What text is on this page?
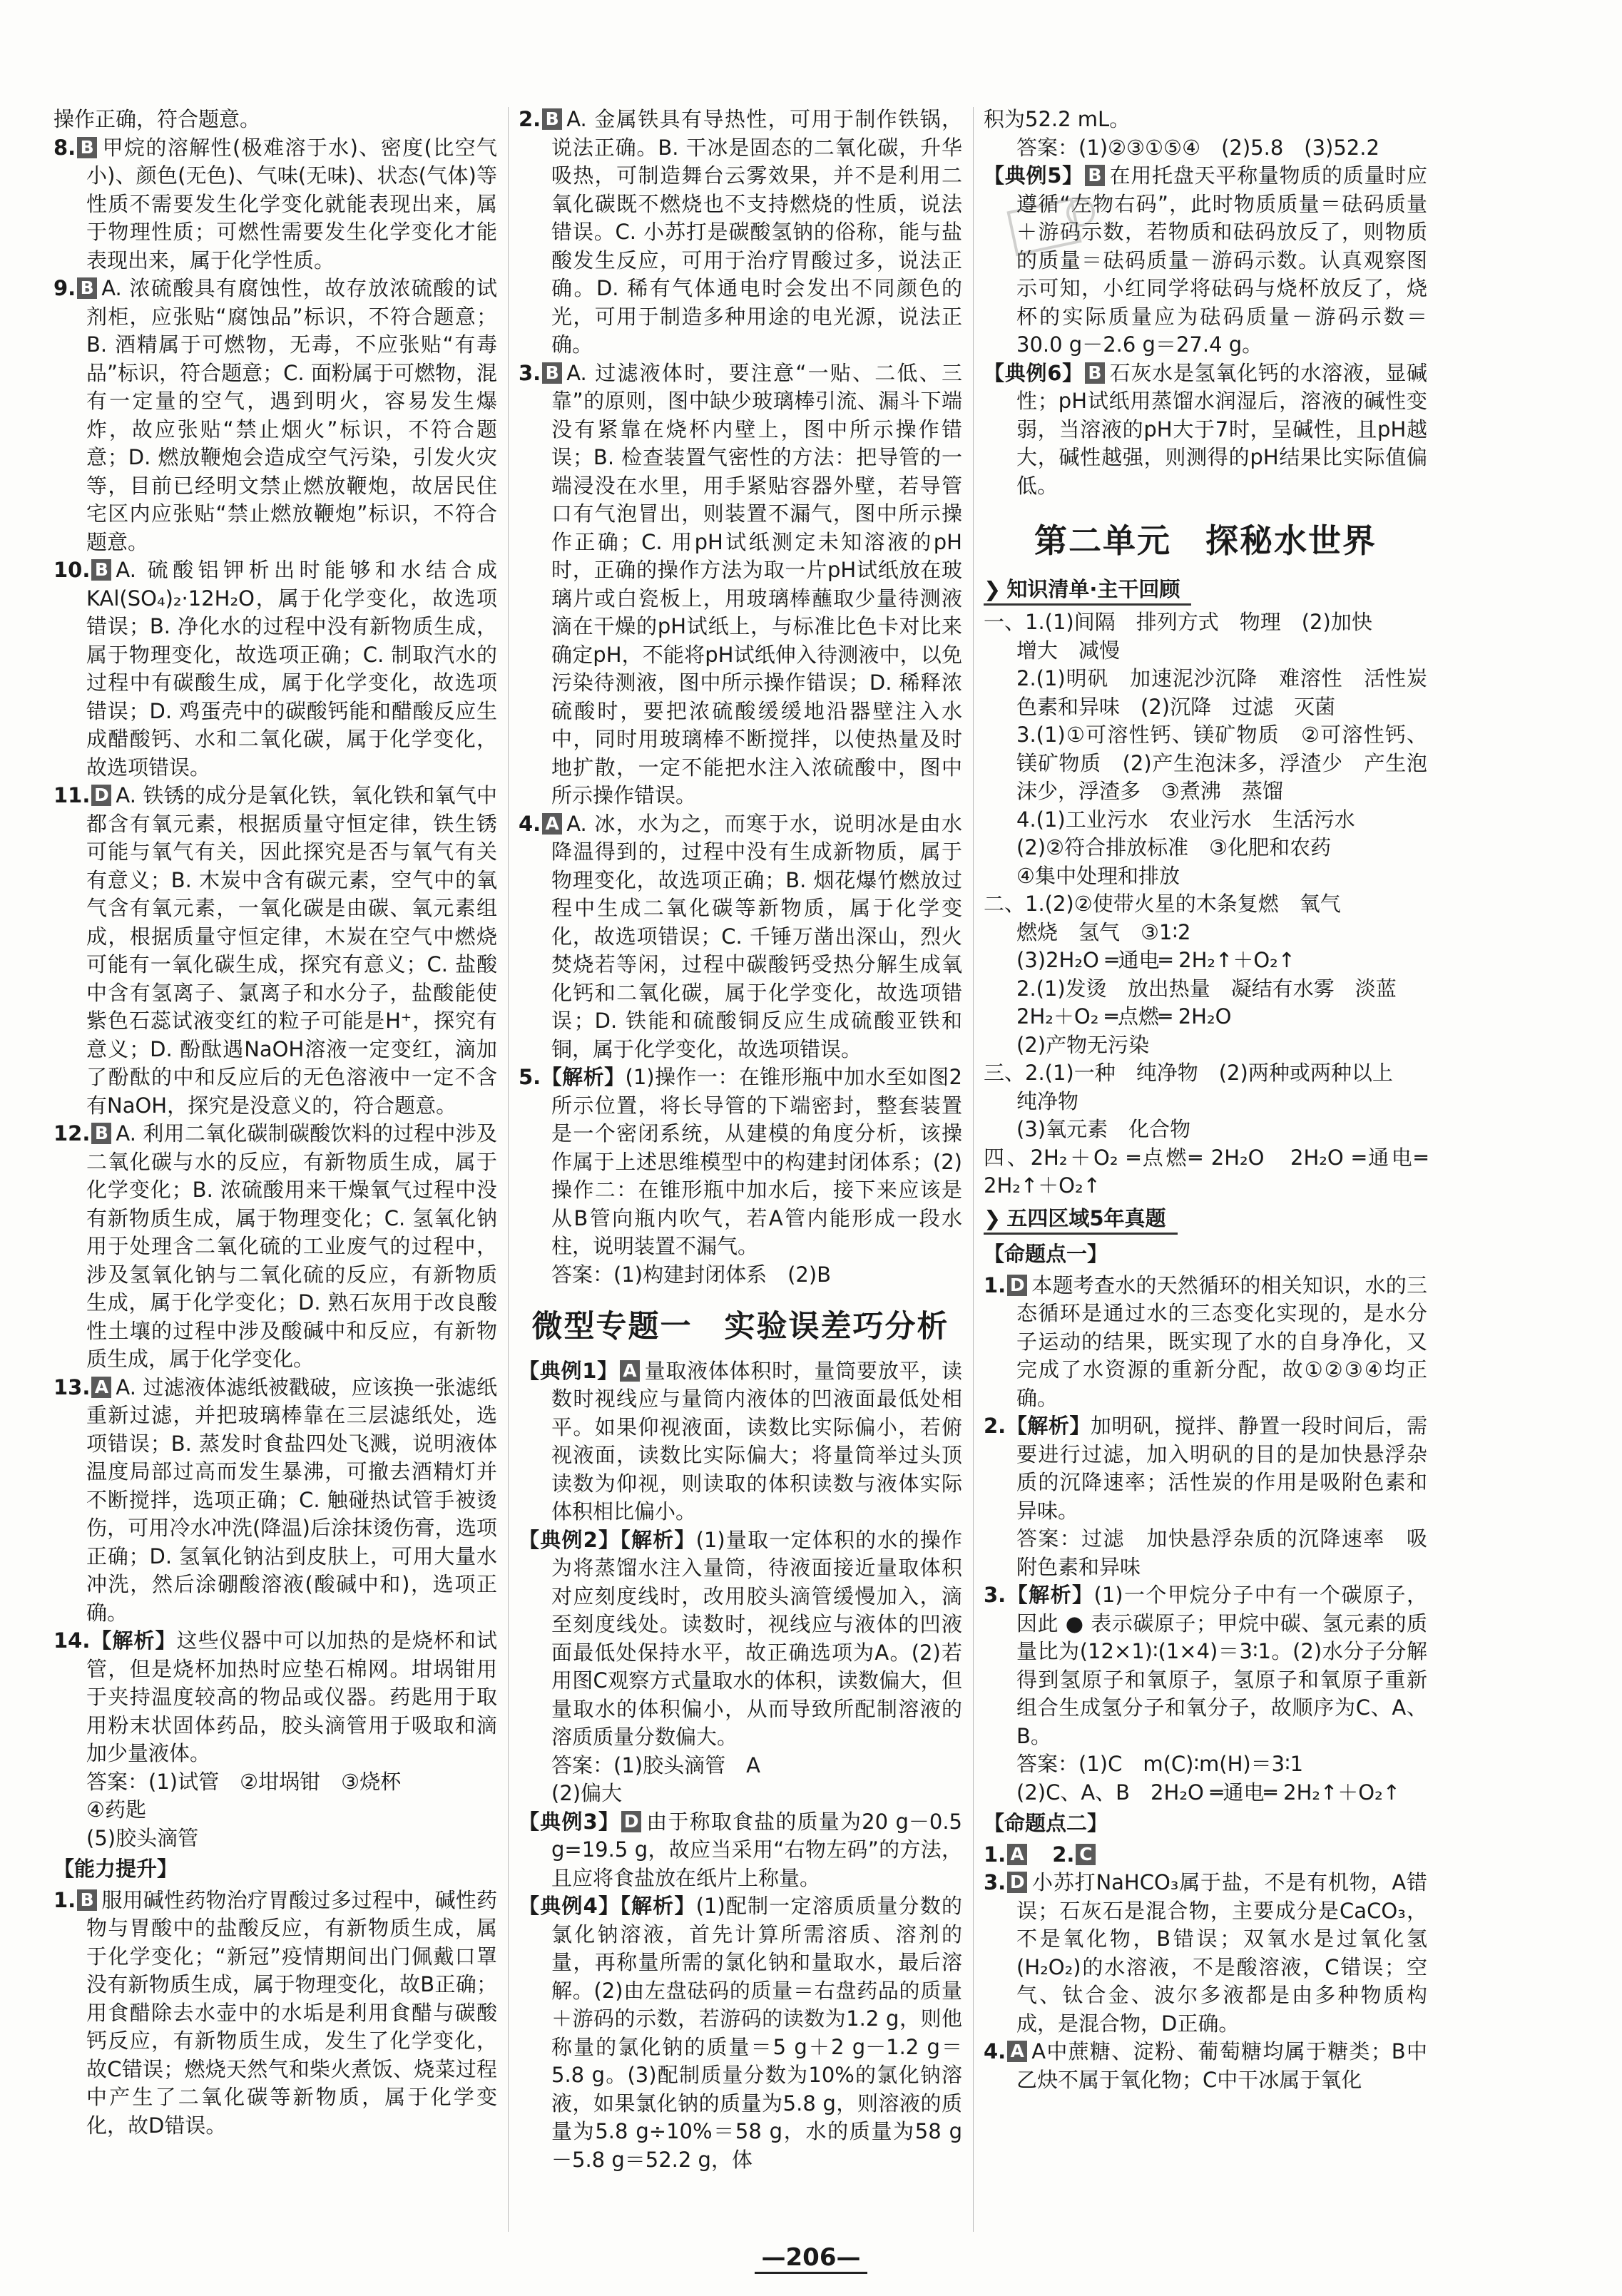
操作正确，符合题意。

8. B 甲烷的溶解性(极难溶于水)、密度(比空气小)、颜色(无色)、气味(无味)、状态(气体)等性质不需要发生化学变化就能表现出来，属于物理性质；可燃性需要发生化学变化才能表现出来，属于化学性质。

9. B A. 浓硫酸具有腐蚀性，故存放浓硫酸的试剂柜，应张贴“腐蚀品”标识，不符合题意；B. 酒精属于可燃物，无毒，不应张贴“有毒品”标识，符合题意；C. 面粉属于可燃物，混有一定量的空气，遇到明火，容易发生爆炸，故应张贴“禁止烟火”标识，不符合题意；D. 燃放鞭炮会造成空气污染，引发火灾等，目前已经明文禁止燃放鞭炮，故居民住宅区内应张贴“禁止燃放鞭炮”标识，不符合题意。

10. B A. 硫酸铝钾析出时能够和水结合成KAl(SO₄)₂·12H₂O，属于化学变化，故选项错误；B. 净化水的过程中没有新物质生成，属于物理变化，故选项正确；C. 制取汽水的过程中有碳酸生成，属于化学变化，故选项错误；D. 鸡蛋壳中的碳酸钙能和醋酸反应生成醋酸钙、水和二氧化碳，属于化学变化，故选项错误。

11. D A. 铁锈的成分是氧化铁，氧化铁和氧气中都含有氧元素，根据质量守恒定律，铁生锈可能与氧气有关，因此探究是否与氧气有关有意义；B. 木炭中含有碳元素，空气中的氧气含有氧元素，一氧化碳是由碳、氧元素组成，根据质量守恒定律，木炭在空气中燃烧可能有一氧化碳生成，探究有意义；C. 盐酸中含有氢离子、氯离子和水分子，盐酸能使紫色石蕊试液变红的粒子可能是H⁺，探究有意义；D. 酚酞遇NaOH溶液一定变红，滴加了酚酞的中和反应后的无色溶液中一定不含有NaOH，探究是没意义的，符合题意。

12. B A. 利用二氧化碳制碳酸饮料的过程中涉及二氧化碳与水的反应，有新物质生成，属于化学变化；B. 浓硫酸用来干燥氧气过程中没有新物质生成，属于物理变化；C. 氢氧化钠用于处理含二氧化硫的工业废气的过程中，涉及氢氧化钠与二氧化硫的反应，有新物质生成，属于化学变化；D. 熟石灰用于改良酸性土壤的过程中涉及酸碱中和反应，有新物质生成，属于化学变化。

13. A A. 过滤液体滤纸被戳破，应该换一张滤纸重新过滤，并把玻璃棒靠在三层滤纸处，选项错误；B. 蒸发时食盐四处飞溅，说明液体温度局部过高而发生暴沸，可撤去酒精灯并不断搅拌，选项正确；C. 触碰热试管手被烫伤，可用冷水冲洗(降温)后涂抹烫伤膏，选项正确；D. 氢氧化钠沾到皮肤上，可用大量水冲洗，然后涂硼酸溶液(酸碱中和)，选项正确。

14.【解析】这些仪器中可以加热的是烧杯和试管，但是烧杯加热时应垫石棉网。坩埚钳用于夹持温度较高的物品或仪器。药匙用于取用粉末状固体药品，胶头滴管用于吸取和滴加少量液体。

答案：(1)试管　②坩埚钳　③烧杯

④药匙

(5)胶头滴管

【能力提升】

1. B 服用碱性药物治疗胃酸过多过程中，碱性药物与胃酸中的盐酸反应，有新物质生成，属于化学变化；“新冠”疫情期间出门佩戴口罩没有新物质生成，属于物理变化，故B正确；用食醋除去水壶中的水垢是利用食醋与碳酸钙反应，有新物质生成，发生了化学变化，故C错误；燃烧天然气和柴火煮饭、烧菜过程中产生了二氧化碳等新物质，属于化学变化，故D错误。

2. B A. 金属铁具有导热性，可用于制作铁锅，说法正确。B. 干冰是固态的二氧化碳，升华吸热，可制造舞台云雾效果，并不是利用二氧化碳既不燃烧也不支持燃烧的性质，说法错误。C. 小苏打是碳酸氢钠的俗称，能与盐酸发生反应，可用于治疗胃酸过多，说法正确。D. 稀有气体通电时会发出不同颜色的光，可用于制造多种用途的电光源，说法正确。

3. B A. 过滤液体时，要注意“一贴、二低、三靠”的原则，图中缺少玻璃棒引流、漏斗下端没有紧靠在烧杯内壁上，图中所示操作错误；B. 检查装置气密性的方法：把导管的一端浸没在水里，用手紧贴容器外壁，若导管口有气泡冒出，则装置不漏气，图中所示操作正确；C. 用pH试纸测定未知溶液的pH时，正确的操作方法为取一片pH试纸放在玻璃片或白瓷板上，用玻璃棒蘸取少量待测液滴在干燥的pH试纸上，与标准比色卡对比来确定pH，不能将pH试纸伸入待测液中，以免污染待测液，图中所示操作错误；D. 稀释浓硫酸时，要把浓硫酸缓缓地沿器壁注入水中，同时用玻璃棒不断搅拌，以使热量及时地扩散，一定不能把水注入浓硫酸中，图中所示操作错误。

4. A A. 冰，水为之，而寒于水，说明冰是由水降温得到的，过程中没有生成新物质，属于物理变化，故选项正确；B. 烟花爆竹燃放过程中生成二氧化碳等新物质，属于化学变化，故选项错误；C. 千锤万凿出深山，烈火焚烧若等闲，过程中碳酸钙受热分解生成氧化钙和二氧化碳，属于化学变化，故选项错误；D. 铁能和硫酸铜反应生成硫酸亚铁和铜，属于化学变化，故选项错误。

5.【解析】(1)操作一：在锥形瓶中加水至如图2所示位置，将长导管的下端密封，整套装置是一个密闭系统，从建模的角度分析，该操作属于上述思维模型中的构建封闭体系；(2)操作二：在锥形瓶中加水后，接下来应该是从B管向瓶内吹气，若A管内能形成一段水柱，说明装置不漏气。

答案：(1)构建封闭体系　(2)B

微型专题一　实验误差巧分析

【典例1】 A 量取液体体积时，量筒要放平，读数时视线应与量筒内液体的凹液面最低处相平。如果仰视液面，读数比实际偏小，若俯视液面，读数比实际偏大；将量筒举过头顶读数为仰视，则读取的体积读数与液体实际体积相比偏小。

【典例2】【解析】(1)量取一定体积的水的操作为将蒸馏水注入量筒，待液面接近量取体积对应刻度线时，改用胶头滴管缓慢加入，滴至刻度线处。读数时，视线应与液体的凹液面最低处保持水平，故正确选项为A。(2)若用图C观察方式量取水的体积，读数偏大，但量取水的体积偏小，从而导致所配制溶液的溶质质量分数偏大。

答案：(1)胶头滴管　A

(2)偏大

【典例3】 D 由于称取食盐的质量为20 g－0.5 g=19.5 g，故应当采用“右物左码”的方法，且应将食盐放在纸片上称量。

【典例4】【解析】(1)配制一定溶质质量分数的氯化钠溶液，首先计算所需溶质、溶剂的量，再称量所需的氯化钠和量取水，最后溶解。(2)由左盘砝码的质量＝右盘药品的质量＋游码的示数，若游码的读数为1.2 g，则他称量的氯化钠的质量＝5 g＋2 g－1.2 g＝5.8 g。(3)配制质量分数为10%的氯化钠溶液，如果氯化钠的质量为5.8 g，则溶液的质量为5.8 g÷10%＝58 g，水的质量为58 g－5.8 g＝52.2 g，体

积为52.2 mL。

答案：(1)②③①⑤④　(2)5.8　(3)52.2

【典例5】 B 在用托盘天平称量物质的质量时应遵循“左物右码”，此时物质质量＝砝码质量＋游码示数，若物质和砝码放反了，则物质的质量＝砝码质量－游码示数。认真观察图示可知，小红同学将砝码与烧杯放反了，烧杯的实际质量应为砝码质量－游码示数＝30.0 g－2.6 g＝27.4 g。

【典例6】 B 石灰水是氢氧化钙的水溶液，显碱性；pH试纸用蒸馏水润湿后，溶液的碱性变弱，当溶液的pH大于7时，呈碱性，且pH越大，碱性越强，则测得的pH结果比实际值偏低。

第二单元　探秘水世界
❯ 知识清单·主干回顾

一、1.(1)间隔　排列方式　物理　(2)加快

增大　减慢

2.(1)明矾　加速泥沙沉降　难溶性　活性炭　色素和异味　(2)沉降　过滤　灭菌

3.(1)①可溶性钙、镁矿物质　②可溶性钙、镁矿物质　(2)产生泡沫多，浮渣少　产生泡沫少，浮渣多　③煮沸　蒸馏

4.(1)工业污水　农业污水　生活污水

(2)②符合排放标准　③化肥和农药

④集中处理和排放

二、1.(2)②使带火星的木条复燃　氧气

燃烧　氢气　③1∶2

(3)2H₂O ═通电═ 2H₂↑＋O₂↑

2.(1)发烫　放出热量　凝结有水雾　淡蓝

2H₂＋O₂ ═点燃═ 2H₂O

(2)产物无污染

三、2.(1)一种　纯净物　(2)两种或两种以上

纯净物

(3)氧元素　化合物

四、2H₂＋O₂ ═点燃═ 2H₂O　2H₂O ═通电═ 2H₂↑＋O₂↑

❯ 五四区域5年真题
【命题点一】

1. D 本题考查水的天然循环的相关知识，水的三态循环是通过水的三态变化实现的，是水分子运动的结果，既实现了水的自身净化，又完成了水资源的重新分配，故①②③④均正确。

2.【解析】加明矾，搅拌、静置一段时间后，需要进行过滤，加入明矾的目的是加快悬浮杂质的沉降速率；活性炭的作用是吸附色素和异味。

答案：过滤　加快悬浮杂质的沉降速率　吸附色素和异味

3.【解析】(1)一个甲烷分子中有一个碳原子，因此 ● 表示碳原子；甲烷中碳、氢元素的质量比为(12×1)∶(1×4)＝3∶1。(2)水分子分解得到氢原子和氧原子，氢原子和氧原子重新组合生成氢分子和氧分子，故顺序为C、A、B。

答案：(1)C　m(C)∶m(H)＝3∶1

(2)C、A、B　2H₂O ═通电═ 2H₂↑＋O₂↑

【命题点二】

1. A　 2. C

3. D 小苏打NaHCO₃属于盐，不是有机物，A错误；石灰石是混合物，主要成分是CaCO₃，不是氧化物，B错误；双氧水是过氧化氢(H₂O₂)的水溶液，不是酸溶液，C错误；空气、钛合金、波尔多液都是由多种物质构成，是混合物，D正确。

4. A A中蔗糖、淀粉、葡萄糖均属于糖类；B中乙炔不属于氧化物；C中干冰属于氧化

—206—
